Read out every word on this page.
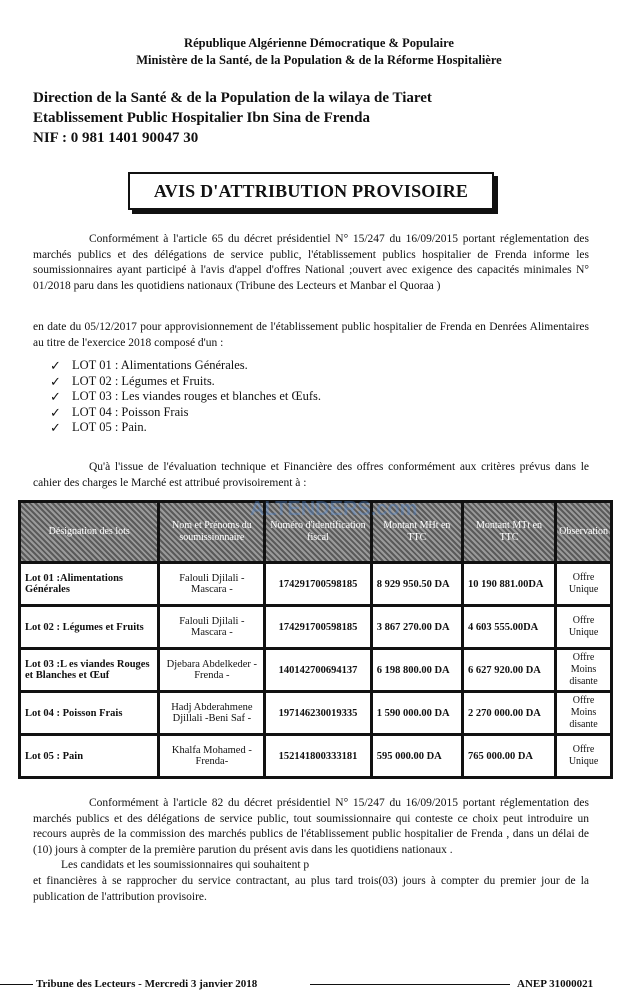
République Algérienne Démocratique & Populaire
Ministère de la Santé, de la Population & de la Réforme Hospitalière
Direction de la Santé & de la Population de la wilaya de Tiaret
Etablissement Public Hospitalier Ibn Sina de Frenda
NIF : 0 981 1401 90047 30
AVIS D'ATTRIBUTION PROVISOIRE
Conformément à l'article 65 du décret présidentiel N° 15/247 du 16/09/2015 portant réglementation des marchés publics et des délégations de service public, l'établissement publics hospitalier de Frenda informe les soumissionnaires ayant participé à l'avis d'appel d'offres National ;ouvert avec exigence des capacités minimales N° 01/2018 paru dans les quotidiens nationaux (Tribune des Lecteurs et Manbar el Quoraa )
en date du 05/12/2017 pour approvisionnement de l'établissement public hospitalier de Frenda en Denrées Alimentaires au titre de l'exercice 2018 composé d'un :
✓ LOT 01 : Alimentations Générales.
✓ LOT 02 : Légumes et Fruits.
✓ LOT 03 : Les viandes rouges et blanches et Œufs.
✓ LOT 04 : Poisson Frais
✓ LOT 05 : Pain.
Qu'à l'issue de l'évaluation technique et Financière des offres conformément aux critères prévus dans le cahier des charges le Marché est attribué provisoirement à :
Désignation des lots	Nom et Prénoms du soumissionnaire	Numéro d'identification fiscal	Montant MHt en TTC	Montant MTt en TTC	Observation
Lot 01 :Alimentations Générales	Falouli Djilali - Mascara -	174291700598185	8 929 950.50 DA	10 190 881.00DA	Offre Unique
Lot 02 : Légumes et Fruits	Falouli Djilali - Mascara -	174291700598185	3 867 270.00 DA	4 603 555.00DA	Offre Unique
Lot 03 :L es viandes Rouges et Blanches et Œuf	Djebara Abdelkeder -Frenda -	140142700694137	6 198 800.00 DA	6 627 920.00 DA	Offre Moins disante
Lot 04 : Poisson Frais	Hadj Abderahmene Djillali -Beni Saf -	197146230019335	1 590 000.00 DA	2 270 000.00 DA	Offre Moins disante
Lot 05 : Pain	Khalfa Mohamed -Frenda-	152141800333181	595 000.00 DA	765 000.00 DA	Offre Unique
ALTENDERS.com
Conformément à l'article 82 du décret présidentiel N° 15/247 du 16/09/2015 portant réglementation des marchés publics et des délégations de service public, tout soumissionnaire qui conteste ce choix peut introduire un recours auprès de la commission des marchés publics de l'établissement public hospitalier de Frenda , dans un délai de (10) jours à compter de la première parution du présent avis dans les quotidiens nationaux .
Les candidats et les soumissionnaires qui souhaitent p
et financières à se rapprocher du service contractant, au plus tard trois(03) jours à compter du premier jour de la publication de l'attribution provisoire.
Tribune des Lecteurs - Mercredi 3 janvier 2018	ANEP 31000021
